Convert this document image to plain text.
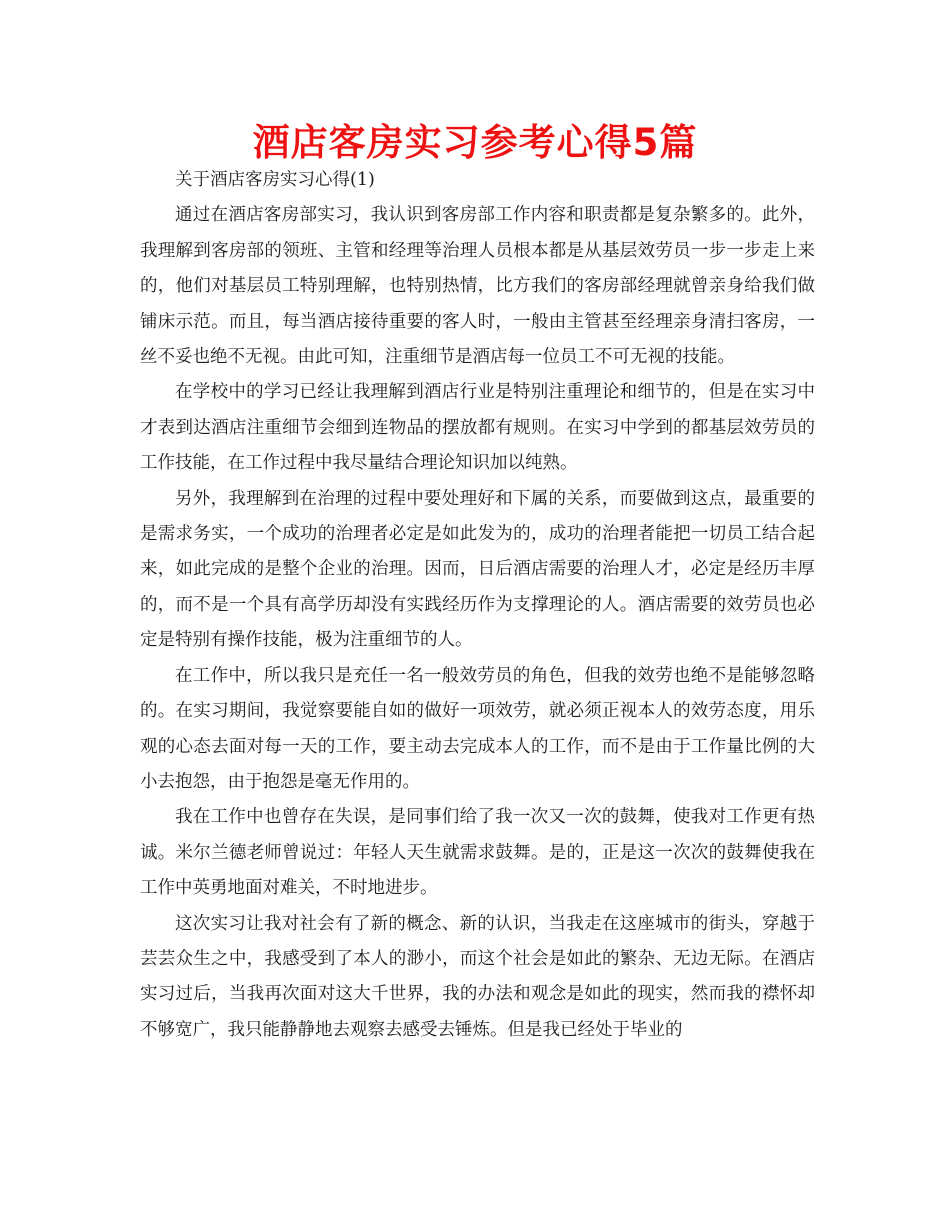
酒店客房实习参考心得5篇

关于酒店客房实习心得(1)

通过在酒店客房部实习，我认识到客房部工作内容和职责都是复杂繁多的。此外，我理解到客房部的领班、主管和经理等治理人员根本都是从基层效劳员一步一步走上来的，他们对基层员工特别理解，也特别热情，比方我们的客房部经理就曾亲身给我们做铺床示范。而且，每当酒店接待重要的客人时，一般由主管甚至经理亲身清扫客房，一丝不妥也绝不无视。由此可知，注重细节是酒店每一位员工不可无视的技能。

在学校中的学习已经让我理解到酒店行业是特别注重理论和细节的，但是在实习中才表到达酒店注重细节会细到连物品的摆放都有规则。在实习中学到的都基层效劳员的工作技能，在工作过程中我尽量结合理论知识加以纯熟。

另外，我理解到在治理的过程中要处理好和下属的关系，而要做到这点，最重要的是需求务实，一个成功的治理者必定是如此发为的，成功的治理者能把一切员工结合起来，如此完成的是整个企业的治理。因而，日后酒店需要的治理人才，必定是经历丰厚的，而不是一个具有高学历却没有实践经历作为支撑理论的人。酒店需要的效劳员也必定是特别有操作技能，极为注重细节的人。

在工作中，所以我只是充任一名一般效劳员的角色，但我的效劳也绝不是能够忽略的。在实习期间，我觉察要能自如的做好一项效劳，就必须正视本人的效劳态度，用乐观的心态去面对每一天的工作，要主动去完成本人的工作，而不是由于工作量比例的大小去抱怨，由于抱怨是毫无作用的。

我在工作中也曾存在失误，是同事们给了我一次又一次的鼓舞，使我对工作更有热诚。米尔兰德老师曾说过：年轻人天生就需求鼓舞。是的，正是这一次次的鼓舞使我在工作中英勇地面对难关，不时地进步。

这次实习让我对社会有了新的概念、新的认识，当我走在这座城市的街头，穿越于芸芸众生之中，我感受到了本人的渺小，而这个社会是如此的繁杂、无边无际。在酒店实习过后，当我再次面对这大千世界，我的办法和观念是如此的现实，然而我的襟怀却不够宽广，我只能静静地去观察去感受去锤炼。但是我已经处于毕业的
